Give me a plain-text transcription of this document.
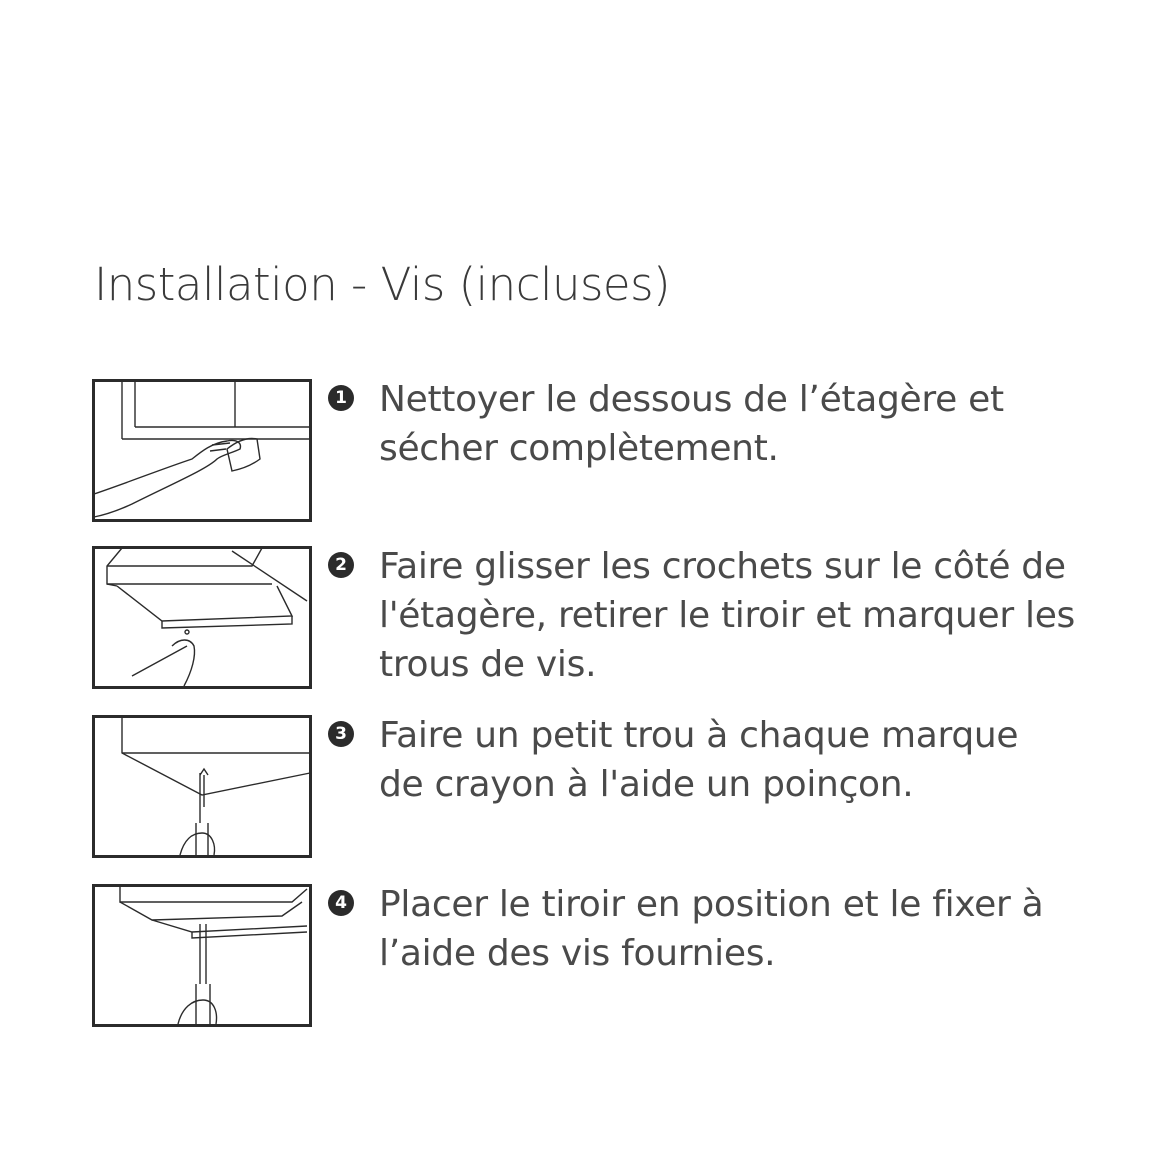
Installation - Vis (incluses)
1 Nettoyer le dessous de l’étagère et
sécher complètement.
2 Faire glisser les crochets sur le côté de
l'étagère, retirer le tiroir et marquer les
trous de vis.
3 Faire un petit trou à chaque marque
de crayon à l'aide un poinçon.
4 Placer le tiroir en position et le fixer à
l’aide des vis fournies.
